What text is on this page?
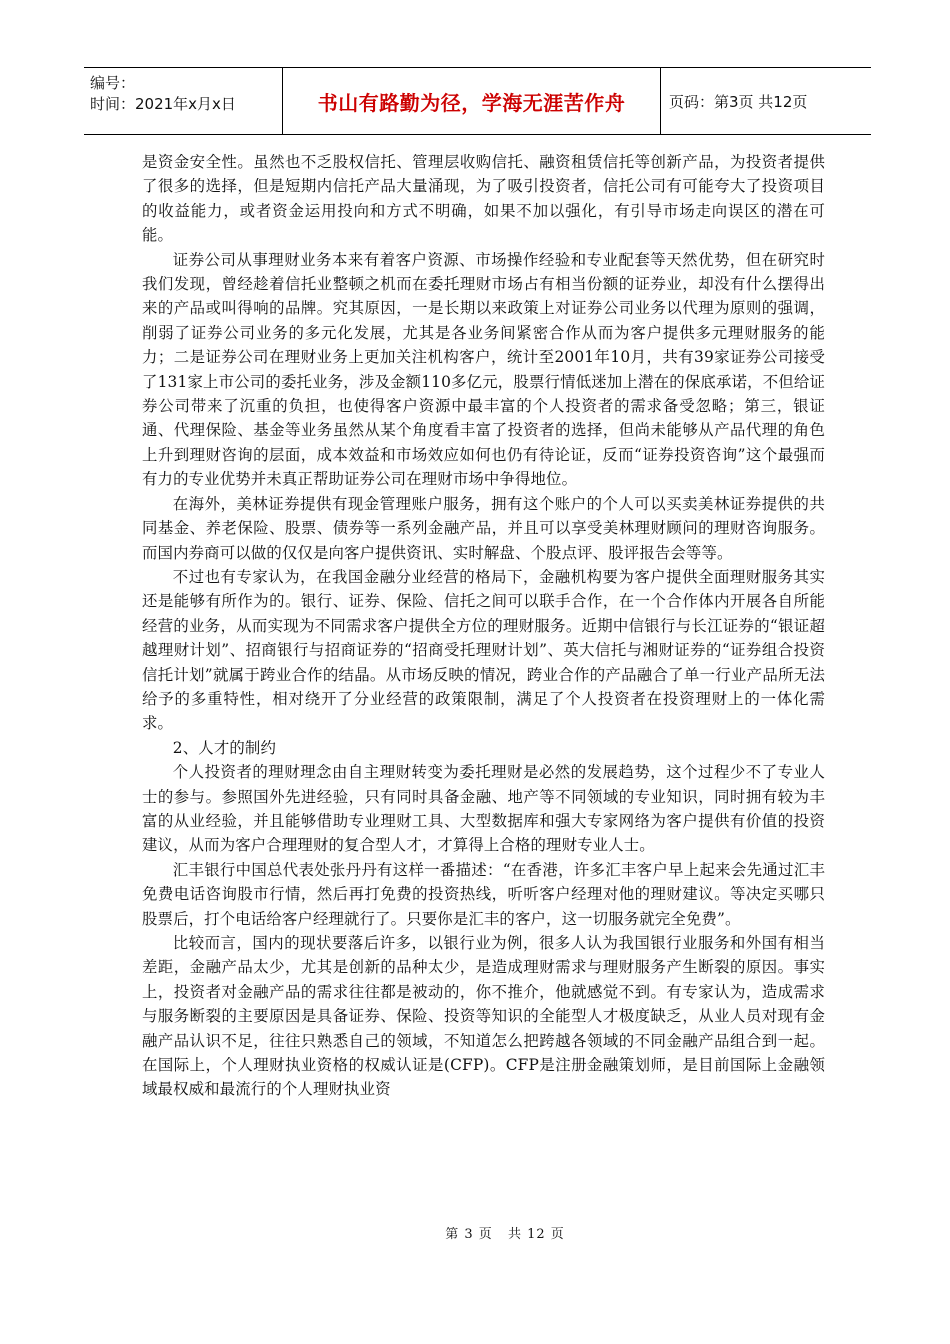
编号：
时间：2021年x月x日	书山有路勤为径，学海无涯苦作舟	页码：第3页 共12页

是资金安全性。虽然也不乏股权信托、管理层收购信托、融资租赁信托等创新产品，为投资者提供了很多的选择，但是短期内信托产品大量涌现，为了吸引投资者，信托公司有可能夸大了投资项目的收益能力，或者资金运用投向和方式不明确，如果不加以强化，有引导市场走向误区的潜在可能。

证券公司从事理财业务本来有着客户资源、市场操作经验和专业配套等天然优势，但在研究时我们发现，曾经趁着信托业整顿之机而在委托理财市场占有相当份额的证券业，却没有什么摆得出来的产品或叫得响的品牌。究其原因，一是长期以来政策上对证券公司业务以代理为原则的强调，削弱了证券公司业务的多元化发展，尤其是各业务间紧密合作从而为客户提供多元理财服务的能力；二是证券公司在理财业务上更加关注机构客户，统计至2001年10月，共有39家证券公司接受了131家上市公司的委托业务，涉及金额110多亿元，股票行情低迷加上潜在的保底承诺，不但给证券公司带来了沉重的负担，也使得客户资源中最丰富的个人投资者的需求备受忽略；第三，银证通、代理保险、基金等业务虽然从某个角度看丰富了投资者的选择，但尚未能够从产品代理的角色上升到理财咨询的层面，成本效益和市场效应如何也仍有待论证，反而“证券投资咨询”这个最强而有力的专业优势并未真正帮助证券公司在理财市场中争得地位。

在海外，美林证券提供有现金管理账户服务，拥有这个账户的个人可以买卖美林证券提供的共同基金、养老保险、股票、债券等一系列金融产品，并且可以享受美林理财顾问的理财咨询服务。而国内券商可以做的仅仅是向客户提供资讯、实时解盘、个股点评、股评报告会等等。

不过也有专家认为，在我国金融分业经营的格局下，金融机构要为客户提供全面理财服务其实还是能够有所作为的。银行、证券、保险、信托之间可以联手合作，在一个合作体内开展各自所能经营的业务，从而实现为不同需求客户提供全方位的理财服务。近期中信银行与长江证券的“银证超越理财计划”、招商银行与招商证券的“招商受托理财计划”、英大信托与湘财证券的“证券组合投资信托计划”就属于跨业合作的结晶。从市场反映的情况，跨业合作的产品融合了单一行业产品所无法给予的多重特性，相对绕开了分业经营的政策限制，满足了个人投资者在投资理财上的一体化需求。

2、人才的制约

个人投资者的理财理念由自主理财转变为委托理财是必然的发展趋势，这个过程少不了专业人士的参与。参照国外先进经验，只有同时具备金融、地产等不同领域的专业知识，同时拥有较为丰富的从业经验，并且能够借助专业理财工具、大型数据库和强大专家网络为客户提供有价值的投资建议，从而为客户合理理财的复合型人才，才算得上合格的理财专业人士。

汇丰银行中国总代表处张丹丹有这样一番描述：“在香港，许多汇丰客户早上起来会先通过汇丰免费电话咨询股市行情，然后再打免费的投资热线，听听客户经理对他的理财建议。等决定买哪只股票后，打个电话给客户经理就行了。只要你是汇丰的客户，这一切服务就完全免费”。

比较而言，国内的现状要落后许多，以银行业为例，很多人认为我国银行业服务和外国有相当差距，金融产品太少，尤其是创新的品种太少，是造成理财需求与理财服务产生断裂的原因。事实上，投资者对金融产品的需求往往都是被动的，你不推介，他就感觉不到。有专家认为，造成需求与服务断裂的主要原因是具备证券、保险、投资等知识的全能型人才极度缺乏，从业人员对现有金融产品认识不足，往往只熟悉自己的领域，不知道怎么把跨越各领域的不同金融产品组合到一起。在国际上，个人理财执业资格的权威认证是(CFP)。CFP是注册金融策划师，是目前国际上金融领域最权威和最流行的个人理财执业资

第 3 页 共 12 页
